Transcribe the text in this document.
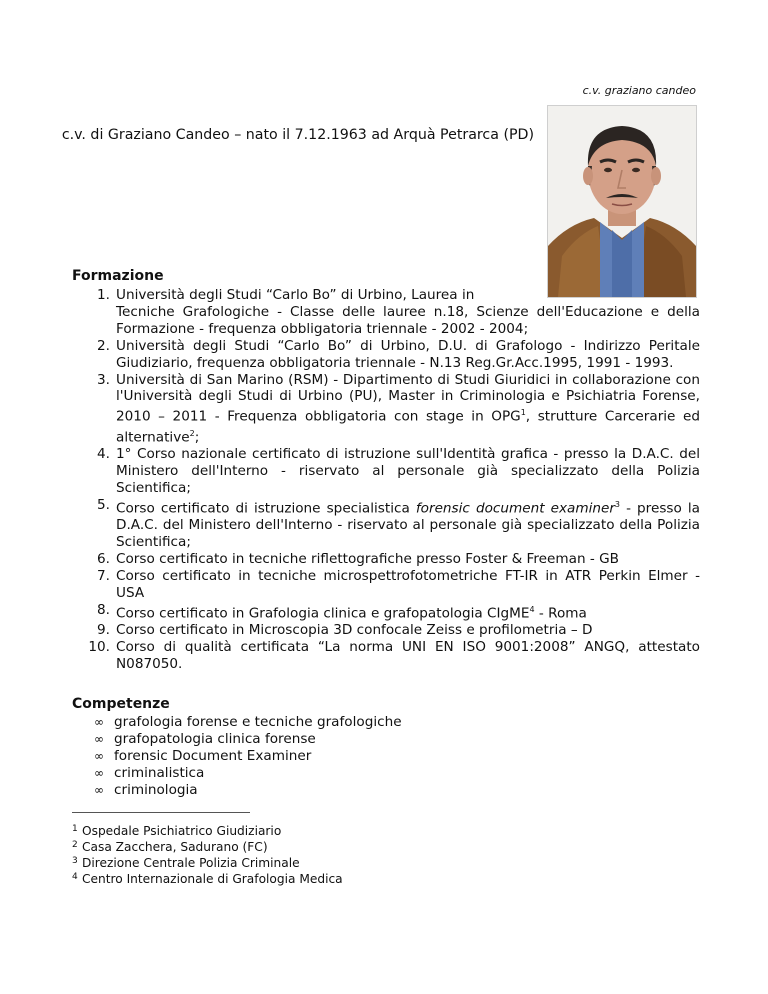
c.v. graziano candeo
c.v. di Graziano Candeo – nato il 7.12.1963 ad Arquà Petrarca (PD)
Formazione
1. Università degli Studi “Carlo Bo” di Urbino, Laurea in
Tecniche Grafologiche - Classe delle lauree n.18, Scienze dell'Educazione e della Formazione - frequenza obbligatoria triennale - 2002 - 2004;
2. Università degli Studi “Carlo Bo” di Urbino, D.U. di Grafologo - Indirizzo Peritale Giudiziario, frequenza obbligatoria triennale - N.13 Reg.Gr.Acc.1995, 1991 - 1993.
3. Università di San Marino (RSM) - Dipartimento di Studi Giuridici in collaborazione con l'Università degli Studi di Urbino (PU), Master in Criminologia e Psichiatria Forense, 2010 – 2011 - Frequenza obbligatoria con stage in OPG$^1$, strutture Carcerarie ed alternative$^2$;
4. 1° Corso nazionale certificato di istruzione sull'Identità grafica - presso la D.A.C. del Ministero dell'Interno - riservato al personale già specializzato della Polizia Scientifica;
5. Corso certificato di istruzione specialistica forensic document examiner$^3$ - presso la D.A.C. del Ministero dell'Interno - riservato al personale già specializzato della Polizia Scientifica;
6. Corso certificato in tecniche riflettografiche presso Foster & Freeman - GB
7. Corso certificato in tecniche microspettrofotometriche FT-IR in ATR Perkin Elmer - USA
8. Corso certificato in Grafologia clinica e grafopatologia CIgME$^4$ - Roma
9. Corso certificato in Microscopia 3D confocale Zeiss e profilometria – D
10. Corso di qualità certificata “La norma UNI EN ISO 9001:2008” ANGQ, attestato N087050.
Competenze
∞ grafologia forense e tecniche grafologiche
∞ grafopatologia clinica forense
∞ forensic Document Examiner
∞ criminalistica
∞ criminologia
1 Ospedale Psichiatrico Giudiziario
2 Casa Zacchera, Sadurano (FC)
3 Direzione Centrale Polizia Criminale
4 Centro Internazionale di Grafologia Medica
